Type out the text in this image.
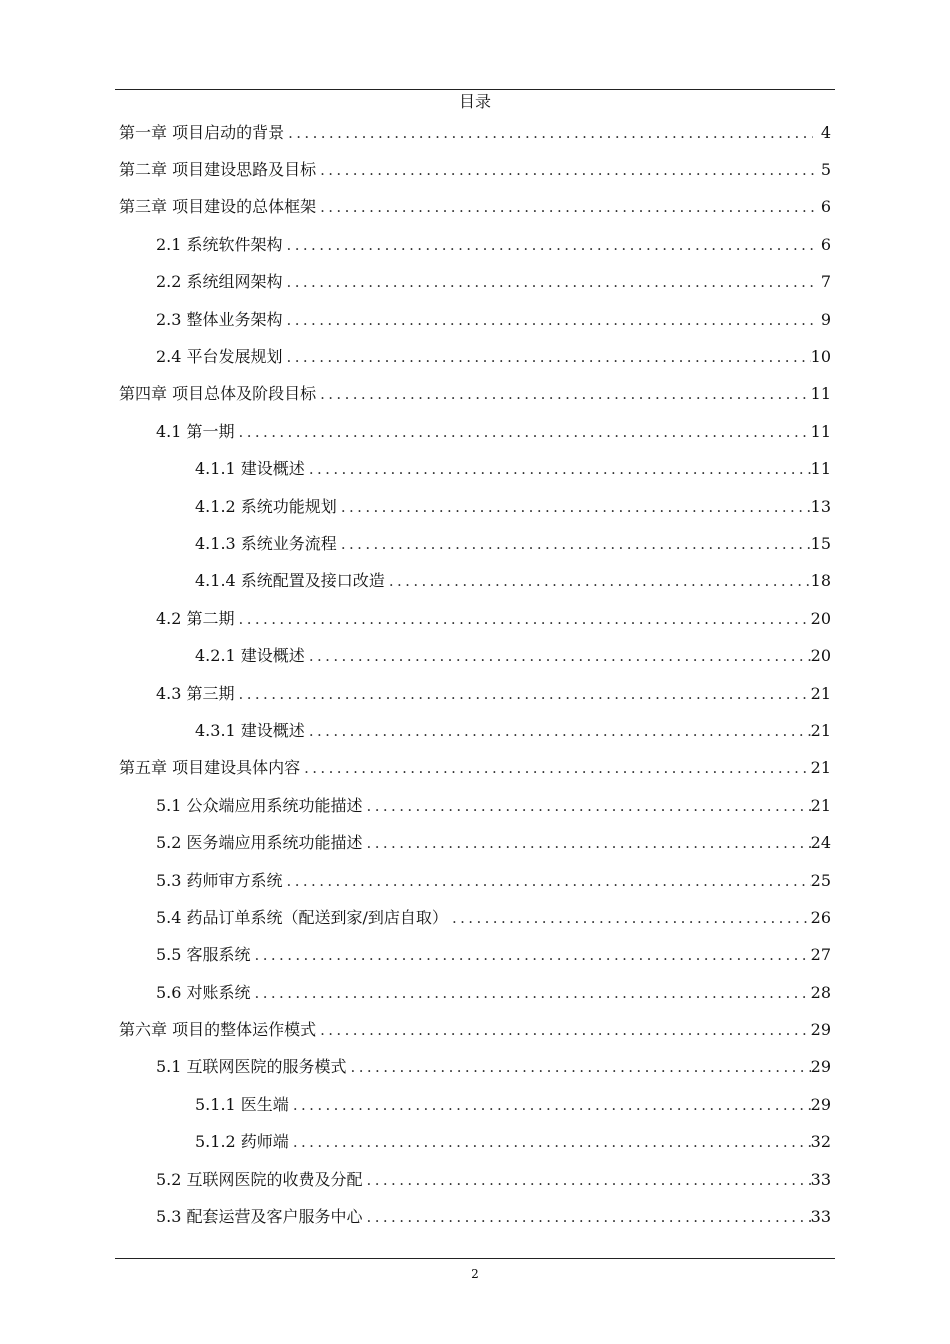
目录
第一章 项目启动的背景 .....	4
第二章 项目建设思路及目标 .....	5
第三章 项目建设的总体框架 .....	6
2.1 系统软件架构 .....	6
2.2 系统组网架构 .....	7
2.3 整体业务架构 .....	9
2.4 平台发展规划 .....	10
第四章 项目总体及阶段目标 .....	11
4.1 第一期 .....	11
4.1.1 建设概述 .....	11
4.1.2 系统功能规划 .....	13
4.1.3 系统业务流程 .....	15
4.1.4 系统配置及接口改造 .....	18
4.2 第二期 .....	20
4.2.1 建设概述 .....	20
4.3 第三期 .....	21
4.3.1 建设概述 .....	21
第五章 项目建设具体内容 .....	21
5.1 公众端应用系统功能描述 .....	21
5.2 医务端应用系统功能描述 .....	24
5.3 药师审方系统 .....	25
5.4 药品订单系统（配送到家/到店自取） .....	26
5.5 客服系统 .....	27
5.6 对账系统 .....	28
第六章 项目的整体运作模式 .....	29
5.1 互联网医院的服务模式 .....	29
5.1.1 医生端 .....	29
5.1.2 药师端 .....	32
5.2 互联网医院的收费及分配 .....	33
5.3 配套运营及客户服务中心 .....	33
2
